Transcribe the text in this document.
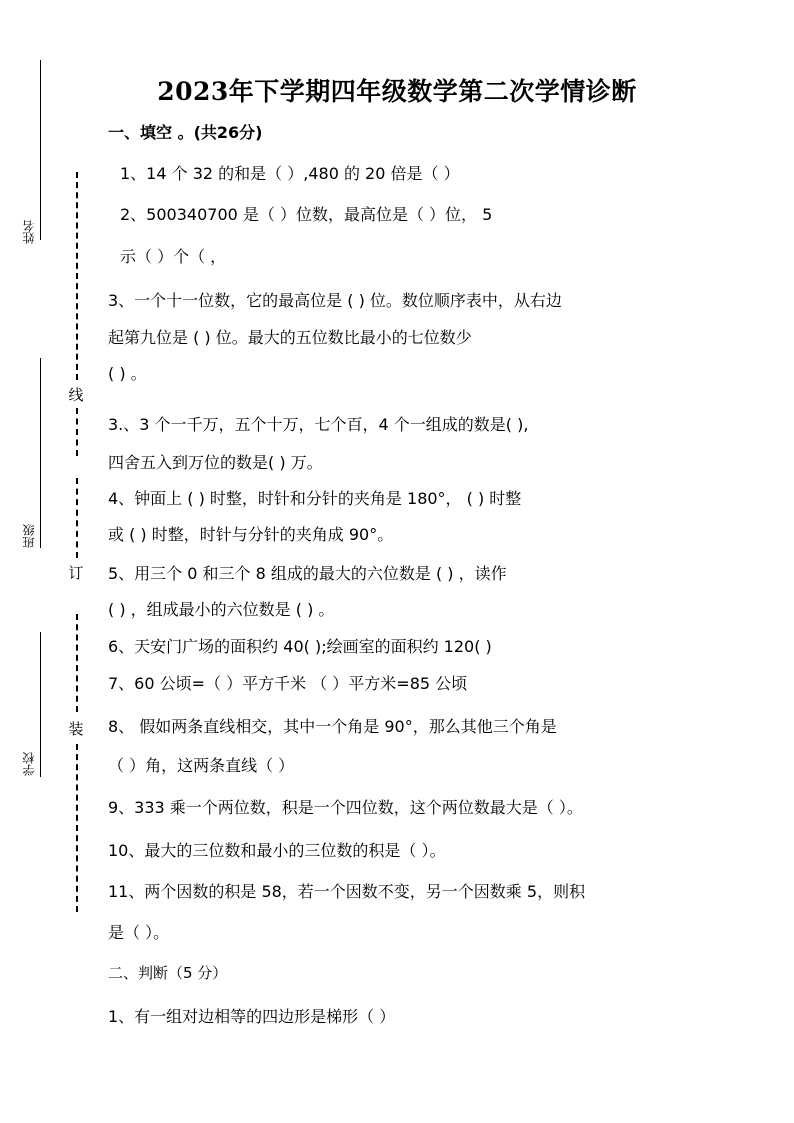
姓名
班级
学校
线
订
装
2023年下学期四年级数学第二次学情诊断
一、填空 。(共26分)
1、14 个 32 的和是（ ）,480 的 20 倍是（ ）
2、500340700 是（ ）位数，最高位是（ ）位， 5
示（ ）个（ ，
3、一个十一位数，它的最高位是 ( ) 位。数位顺序表中，从右边
起第九位是 ( ) 位。最大的五位数比最小的七位数少
( ) 。
3.、3 个一千万，五个十万，七个百，4 个一组成的数是( ),
四舍五入到万位的数是( ) 万。
4、钟面上 ( ) 时整，时针和分针的夹角是 180°， ( ) 时整
或 ( ) 时整，时针与分针的夹角成 90°。
5、用三个 0 和三个 8 组成的最大的六位数是 ( ) ，读作
( ) ，组成最小的六位数是 ( ) 。
6、天安门广场的面积约 40( );绘画室的面积约 120( )
7、60 公顷=（ ）平方千米 （ ）平方米=85 公顷
8、 假如两条直线相交，其中一个角是 90°，那么其他三个角是
（ ）角，这两条直线（ ）
9、333 乘一个两位数，积是一个四位数，这个两位数最大是（ ）。
10、最大的三位数和最小的三位数的积是（ ）。
11、两个因数的积是 58，若一个因数不变，另一个因数乘 5，则积
是（ ）。
二、判断（5 分）
1、有一组对边相等的四边形是梯形（ ）
